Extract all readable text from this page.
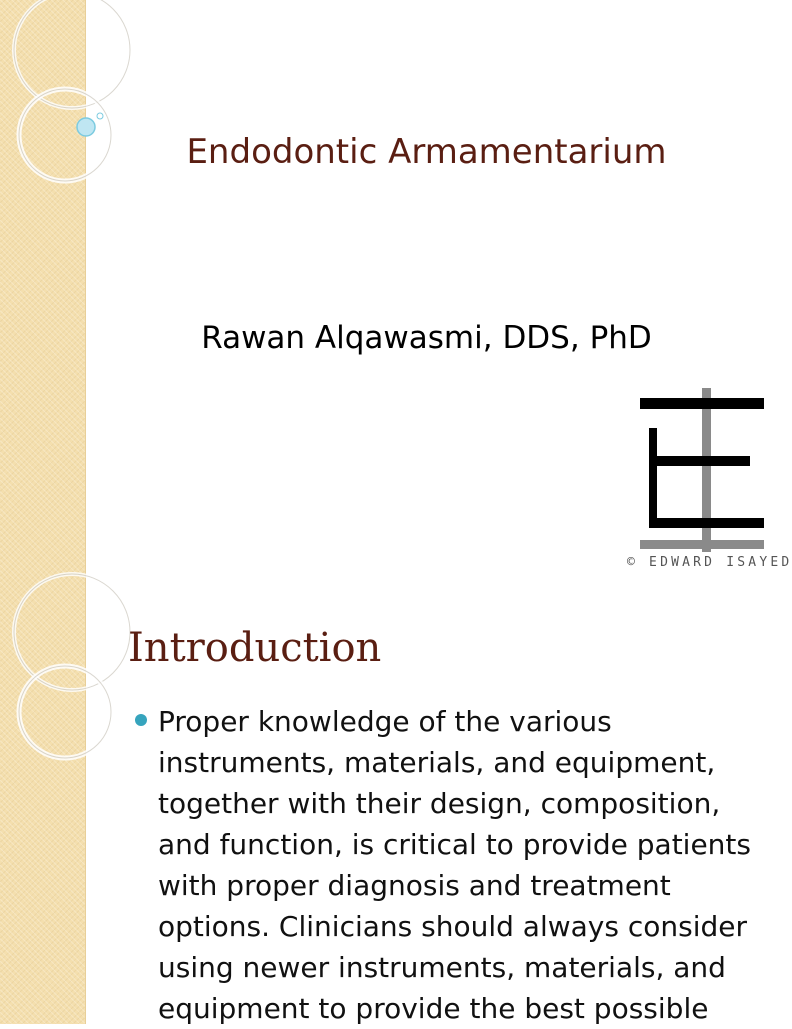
Endodontic Armamentarium
Rawan Alqawasmi, DDS, PhD
© EDWARD ISAYED
Introduction
Proper knowledge of the various instruments, materials, and equipment, together with their design, composition, and function, is critical to provide patients with proper diagnosis and treatment options. Clinicians should always consider using newer instruments, materials, and equipment to provide the best possible
